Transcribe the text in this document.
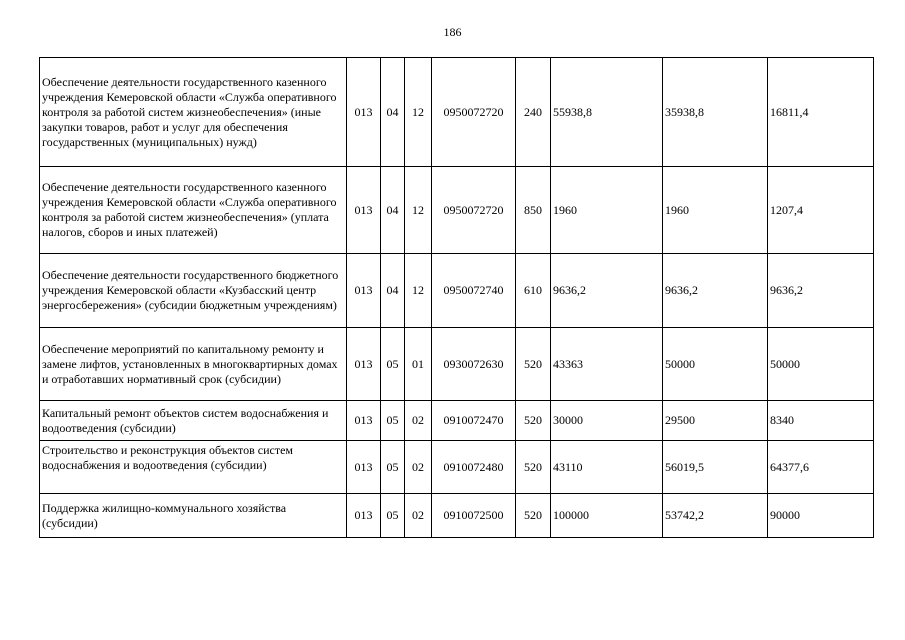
186
Обеспечение деятельности государственного казенного учреждения Кемеровской области «Служба оперативного контроля за работой систем жизнеобеспечения» (иные закупки товаров, работ и услуг для обеспечения государственных (муниципальных) нужд)	013	04	12	0950072720	240	55938,8	35938,8	16811,4
Обеспечение деятельности государственного казенного учреждения Кемеровской области «Служба оперативного контроля за работой систем жизнеобеспечения» (уплата налогов, сборов и иных платежей)	013	04	12	0950072720	850	1960	1960	1207,4
Обеспечение деятельности государственного бюджетного учреждения Кемеровской области «Кузбасский центр энергосбережения» (субсидии бюджетным учреждениям)	013	04	12	0950072740	610	9636,2	9636,2	9636,2
Обеспечение мероприятий по капитальному ремонту и замене лифтов, установленных в многоквартирных домах и отработавших нормативный срок (субсидии)	013	05	01	0930072630	520	43363	50000	50000
Капитальный ремонт объектов систем водоснабжения и водоотведения (субсидии)	013	05	02	0910072470	520	30000	29500	8340
Строительство и реконструкция объектов систем водоснабжения и водоотведения (субсидии)	013	05	02	0910072480	520	43110	56019,5	64377,6
Поддержка жилищно-коммунального хозяйства (субсидии)	013	05	02	0910072500	520	100000	53742,2	90000
